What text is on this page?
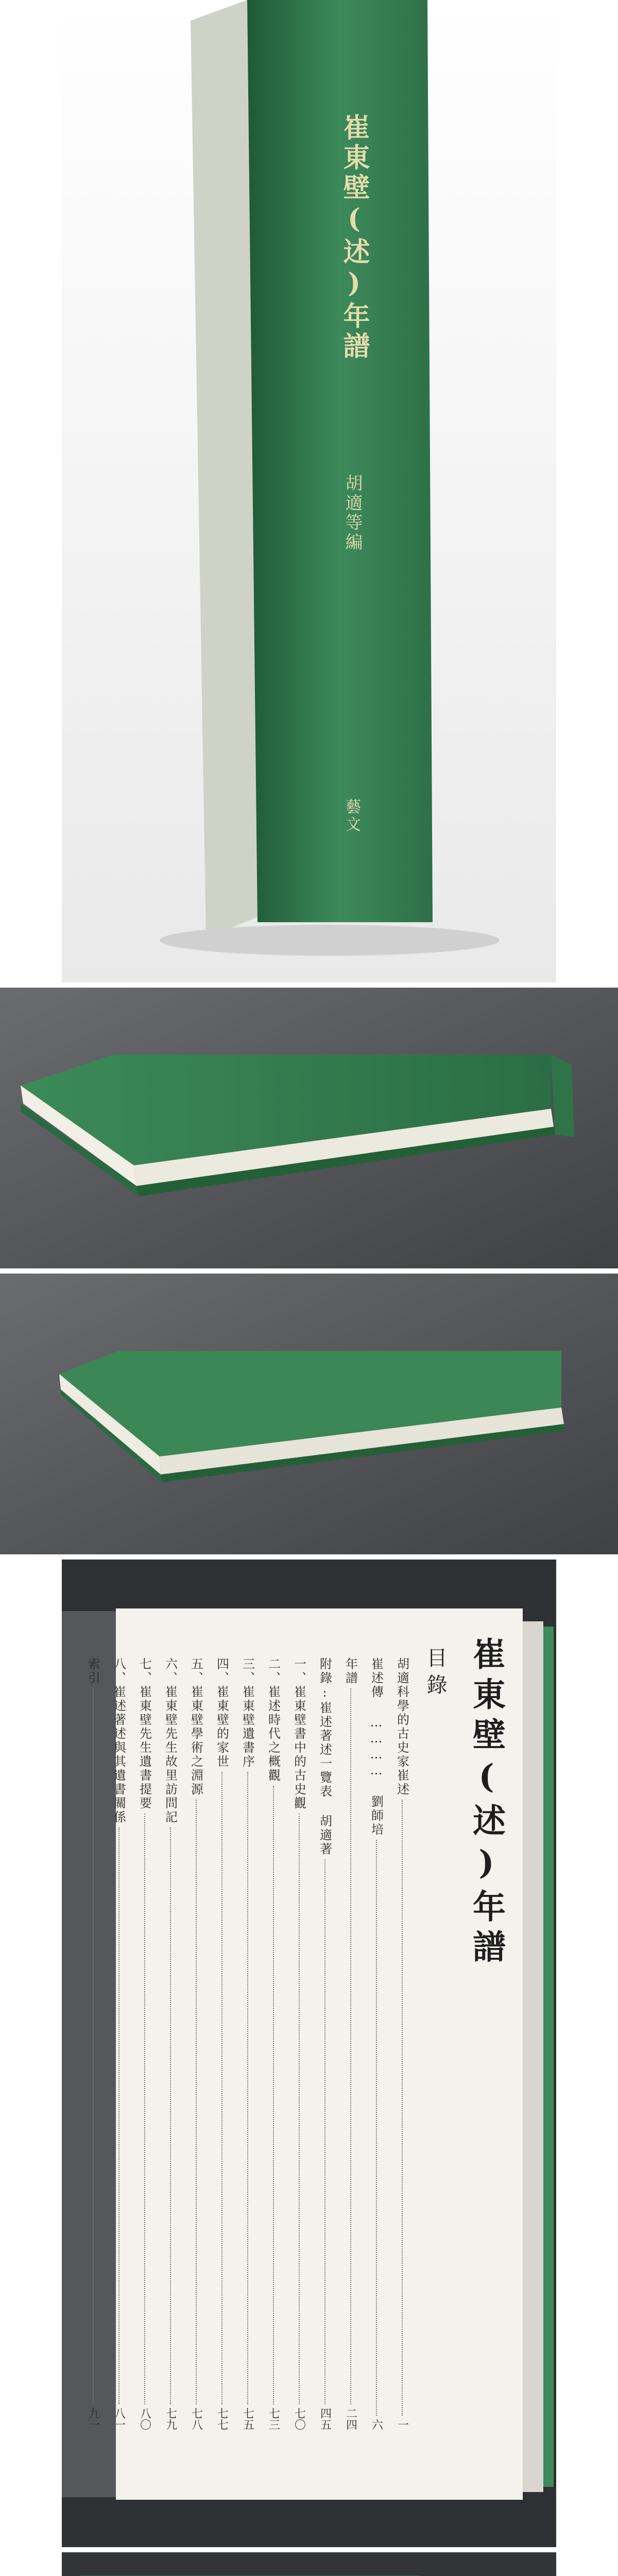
崔東壁(述)年譜
胡適等編
藝文
崔東壁(述)年譜
目錄
胡適科學的古史家崔述
一
崔述傳 ………… 劉師培
六
年譜
二四
附錄:崔述著述一覽表 胡適著
四五
一、崔東壁書中的古史觀
七〇
二、崔述時代之概觀
七三
三、崔東壁遺書序
七五
四、崔東壁的家世
七七
五、崔東壁學術之淵源
七八
六、崔東壁先生故里訪問記
七九
七、崔東壁先生遺書提要
八〇
八、崔述著述與其遺書關係
八一
索引
九一
